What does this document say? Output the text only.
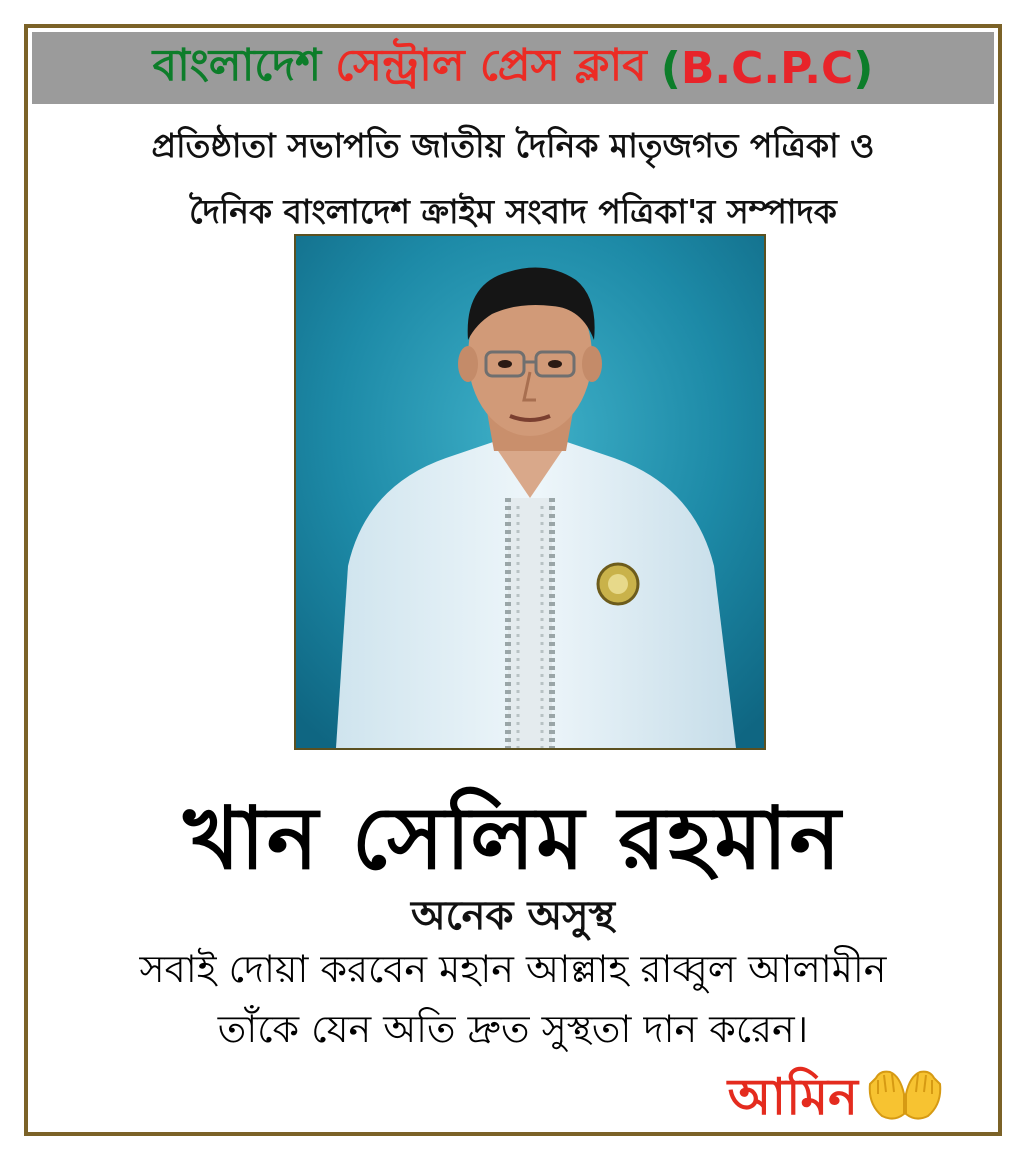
বাংলাদেশ সেন্ট্রাল প্রেস ক্লাব (B.C.P.C)
প্রতিষ্ঠাতা সভাপতি জাতীয় দৈনিক মাতৃজগত পত্রিকা ও
দৈনিক বাংলাদেশ ক্রাইম সংবাদ পত্রিকা'র সম্পাদক
খান সেলিম রহমান
অনেক অসুস্থ
সবাই দোয়া করবেন মহান আল্লাহ রাব্বুল আলামীন
তাঁকে যেন অতি দ্রুত সুস্থতা দান করেন।
আমিন
